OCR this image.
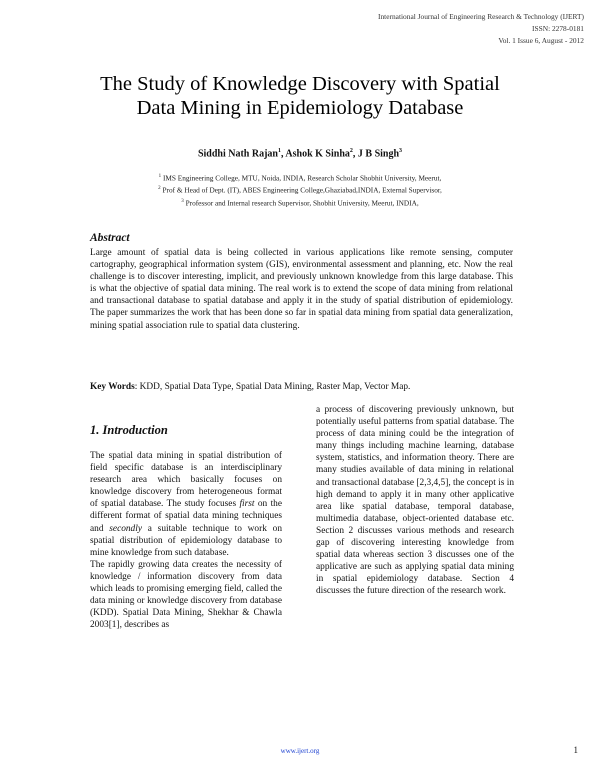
International Journal of Engineering Research & Technology (IJERT)
ISSN: 2278-0181
Vol. 1 Issue 6, August - 2012
The Study of Knowledge Discovery with Spatial
Data Mining in Epidemiology Database
Siddhi Nath Rajan$^1$, Ashok K Sinha$^2$, J B Singh$^3$
$^1$ IMS Engineering College, MTU, Noida, INDIA, Research Scholar Shobhit University, Meerut,
$^2$ Prof & Head of Dept. (IT), ABES Engineering College,Ghaziabad,INDIA, External Supervisor,
$^3$ Professor and Internal research Supervisor, Shobhit University, Meerut, INDIA,
Abstract
Large amount of spatial data is being collected in various applications like remote sensing, computer cartography, geographical information system (GIS), environmental assessment and planning, etc. Now the real challenge is to discover interesting, implicit, and previously unknown knowledge from this large database. This is what the objective of spatial data mining. The real work is to extend the scope of data mining from relational and transactional database to spatial database and apply it in the study of spatial distribution of epidemiology. The paper summarizes the work that has been done so far in spatial data mining from spatial data generalization, mining spatial association rule to spatial data clustering.
Key Words: KDD, Spatial Data Type, Spatial Data Mining, Raster Map, Vector Map.
1. Introduction
The spatial data mining in spatial distribution of field specific database is an interdisciplinary research area which basically focuses on knowledge discovery from heterogeneous format of spatial database. The study focuses first on the different format of spatial data mining techniques and secondly a suitable technique to work on spatial distribution of epidemiology database to mine knowledge from such database.
The rapidly growing data creates the necessity of knowledge / information discovery from data which leads to promising emerging field, called the data mining or knowledge discovery from database (KDD). Spatial Data Mining, Shekhar & Chawla 2003[1], describes as
a process of discovering previously unknown, but potentially useful patterns from spatial database. The process of data mining could be the integration of many things including machine learning, database system, statistics, and information theory. There are many studies available of data mining in relational and transactional database [2,3,4,5], the concept is in high demand to apply it in many other applicative area like spatial database, temporal database, multimedia database, object-oriented database etc. Section 2 discusses various methods and research gap of discovering interesting knowledge from spatial data whereas section 3 discusses one of the applicative are such as applying spatial data mining in spatial epidemiology database. Section 4 discusses the future direction of the research work.
www.ijert.org	1
